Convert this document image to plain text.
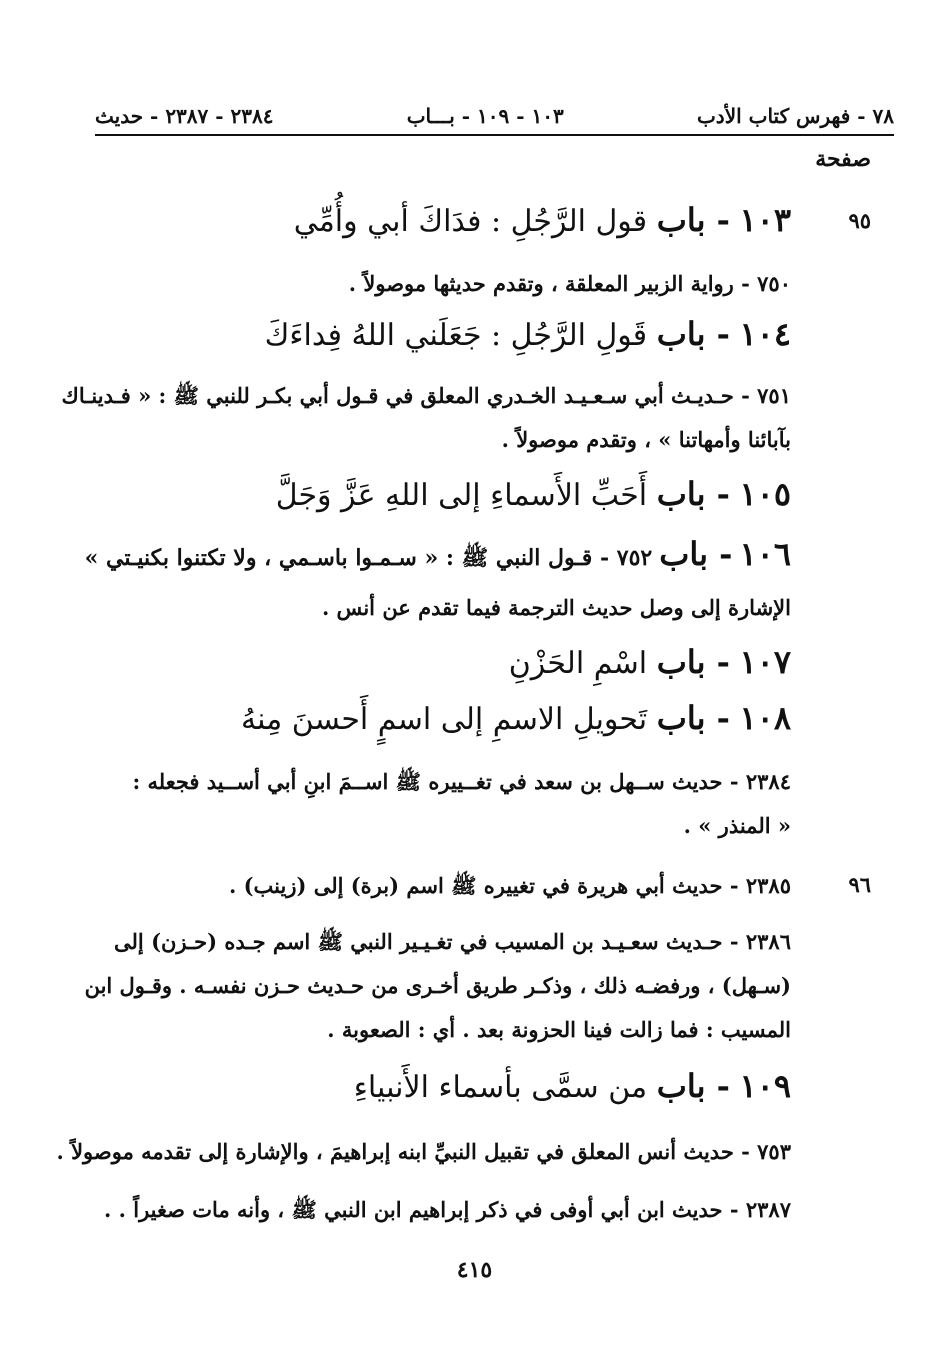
٧٨ - فهرس كتاب الأدب
١٠٣ - ١٠٩ - بـــاب
٢٣٨٤ - ٢٣٨٧ - حديث
صفحة
٩٥
١٠٣ - باب قول الرَّجُلِ : فدَاكَ أبي وأُمِّي
٧٥٠ - رواية الزبير المعلقة ، وتقدم حديثها موصولاً .
١٠٤ - باب قَولِ الرَّجُلِ : جَعَلَني اللهُ فِداءَكَ
٧٥١ - حـديـث أبي سـعـيـد الخـدري المعلق في قـول أبي بكـر للنبي ﷺ : « فـدينـاك
بآبائنا وأمهاتنا » ، وتقدم موصولاً .
١٠٥ - باب أَحَبِّ الأَسماءِ إلى اللهِ عَزَّ وَجَلَّ
١٠٦ - باب ٧٥٢ - قـول النبي ﷺ : « سـمـوا باسـمي ، ولا تكتنوا بكنيـتي »
الإشارة إلى وصل حديث الترجمة فيما تقدم عن أنس .
١٠٧ - باب اسْمِ الحَزْنِ
١٠٨ - باب تَحويلِ الاسمِ إلى اسمٍ أَحسنَ مِنهُ
٢٣٨٤ - حديث ســهل بن سعد في تغــييره ﷺ اســمَ ابنِ أبي أســيد فجعله :
« المنذر » .
٩٦
٢٣٨٥ - حديث أبي هريرة في تغييره ﷺ اسم (برة) إلى (زينب) .
٢٣٨٦ - حـديث سعـيـد بن المسيب في تغـيـير النبي ﷺ اسم جـده (حـزن) إلى
(سـهل) ، ورفضـه ذلك ، وذكـر طريق أخـرى من حـديث حـزن نفسـه . وقـول ابن
المسيب : فما زالت فينا الحزونة بعد . أي : الصعوبة .
١٠٩ - باب من سمَّى بأسماء الأَنبياءِ
٧٥٣ - حديث أنس المعلق في تقبيل النبيِّ ابنه إبراهيمَ ، والإشارة إلى تقدمه موصولاً .
٢٣٨٧ - حديث ابن أبي أوفى في ذكر إبراهيم ابن النبي ﷺ ، وأنه مات صغيراً . .
٤١٥
